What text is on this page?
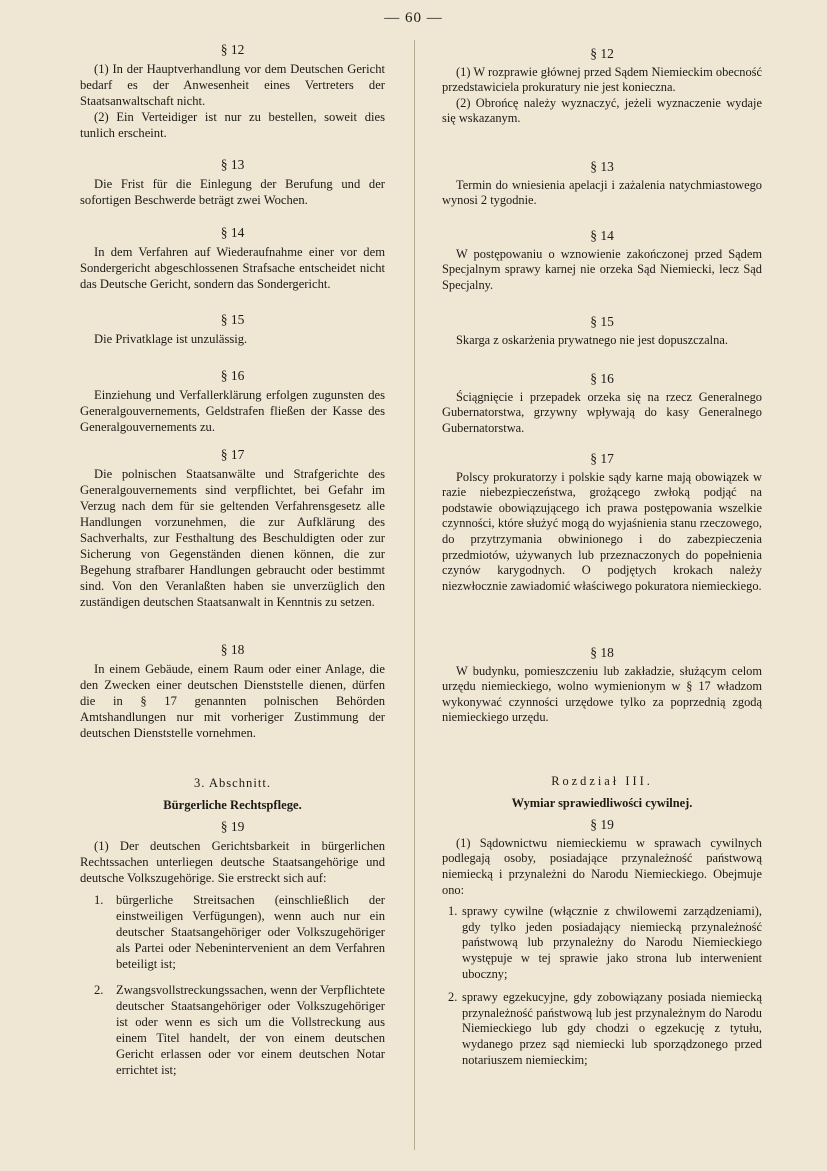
— 60 —
§ 12

(1) In der Hauptverhandlung vor dem Deutschen Gericht bedarf es der Anwesenheit eines Vertreters der Staatsanwaltschaft nicht.

(2) Ein Verteidiger ist nur zu bestellen, soweit dies tunlich erscheint.

§ 13

Die Frist für die Einlegung der Berufung und der sofortigen Beschwerde beträgt zwei Wochen.

§ 14

In dem Verfahren auf Wiederaufnahme einer vor dem Sondergericht abgeschlossenen Strafsache entscheidet nicht das Deutsche Gericht, sondern das Sondergericht.

§ 15

Die Privatklage ist unzulässig.

§ 16

Einziehung und Verfallerklärung erfolgen zugunsten des Generalgouvernements, Geldstrafen fließen der Kasse des Generalgouvernements zu.

§ 17

Die polnischen Staatsanwälte und Strafgerichte des Generalgouvernements sind verpflichtet, bei Gefahr im Verzug nach dem für sie geltenden Verfahrensgesetz alle Handlungen vorzunehmen, die zur Aufklärung des Sachverhalts, zur Festhaltung des Beschuldigten oder zur Sicherung von Gegenständen dienen können, die zur Begehung strafbarer Handlungen gebraucht oder bestimmt sind. Von den Veranlaßten haben sie unverzüglich den zuständigen deutschen Staatsanwalt in Kenntnis zu setzen.

§ 18

In einem Gebäude, einem Raum oder einer Anlage, die den Zwecken einer deutschen Dienststelle dienen, dürfen die in § 17 genannten polnischen Behörden Amtshandlungen nur mit vorheriger Zustimmung der deutschen Dienststelle vornehmen.

3. Abschnitt.
Bürgerliche Rechtspflege.
§ 19

(1) Der deutschen Gerichtsbarkeit in bürgerlichen Rechtssachen unterliegen deutsche Staatsangehörige und deutsche Volkszugehörige. Sie erstreckt sich auf:

1. bürgerliche Streitsachen (einschließlich der einstweiligen Verfügungen), wenn auch nur ein deutscher Staatsangehöriger oder Volkszugehöriger als Partei oder Nebenintervenient an dem Verfahren beteiligt ist;
2. Zwangsvollstreckungssachen, wenn der Verpflichtete deutscher Staatsangehöriger oder Volkszugehöriger ist oder wenn es sich um die Vollstreckung aus einem Titel handelt, der von einem deutschen Gericht erlassen oder vor einem deutschen Notar errichtet ist;
§ 12

(1) W rozprawie głównej przed Sądem Niemieckim obecność przedstawiciela prokuratury nie jest konieczna.

(2) Obrońcę należy wyznaczyć, jeżeli wyznaczenie wydaje się wskazanym.

§ 13

Termin do wniesienia apelacji i zażalenia natychmiastowego wynosi 2 tygodnie.

§ 14

W postępowaniu o wznowienie zakończonej przed Sądem Specjalnym sprawy karnej nie orzeka Sąd Niemiecki, lecz Sąd Specjalny.

§ 15

Skarga z oskarżenia prywatnego nie jest dopuszczalna.

§ 16

Ściągnięcie i przepadek orzeka się na rzecz Generalnego Gubernatorstwa, grzywny wpływają do kasy Generalnego Gubernatorstwa.

§ 17

Polscy prokuratorzy i polskie sądy karne mają obowiązek w razie niebezpieczeństwa, grożącego zwłoką podjąć na podstawie obowiązującego ich prawa postępowania wszelkie czynności, które służyć mogą do wyjaśnienia stanu rzeczowego, do przytrzymania obwinionego i do zabezpieczenia przedmiotów, używanych lub przeznaczonych do popełnienia czynów karygodnych. O podjętych krokach należy niezwłocznie zawiadomić właściwego pokuratora niemieckiego.

§ 18

W budynku, pomieszczeniu lub zakładzie, służącym celom urzędu niemieckiego, wolno wymienionym w § 17 władzom wykonywać czynności urzędowe tylko za poprzednią zgodą niemieckiego urzędu.

Rozdział III.
Wymiar sprawiedliwości cywilnej.
§ 19

(1) Sądownictwu niemieckiemu w sprawach cywilnych podlegają osoby, posiadające przynależność państwową niemiecką i przynależni do Narodu Niemieckiego. Obejmuje ono:

1. sprawy cywilne (włącznie z chwilowemi zarządzeniami), gdy tylko jeden posiadający niemiecką przynależność państwową lub przynależny do Narodu Niemieckiego występuje w tej sprawie jako strona lub interwenient uboczny;
2. sprawy egzekucyjne, gdy zobowiązany posiada niemiecką przynależność państwową lub jest przynależnym do Narodu Niemieckiego lub gdy chodzi o egzekucję z tytułu, wydanego przez sąd niemiecki lub sporządzonego przed notariuszem niemieckim;
